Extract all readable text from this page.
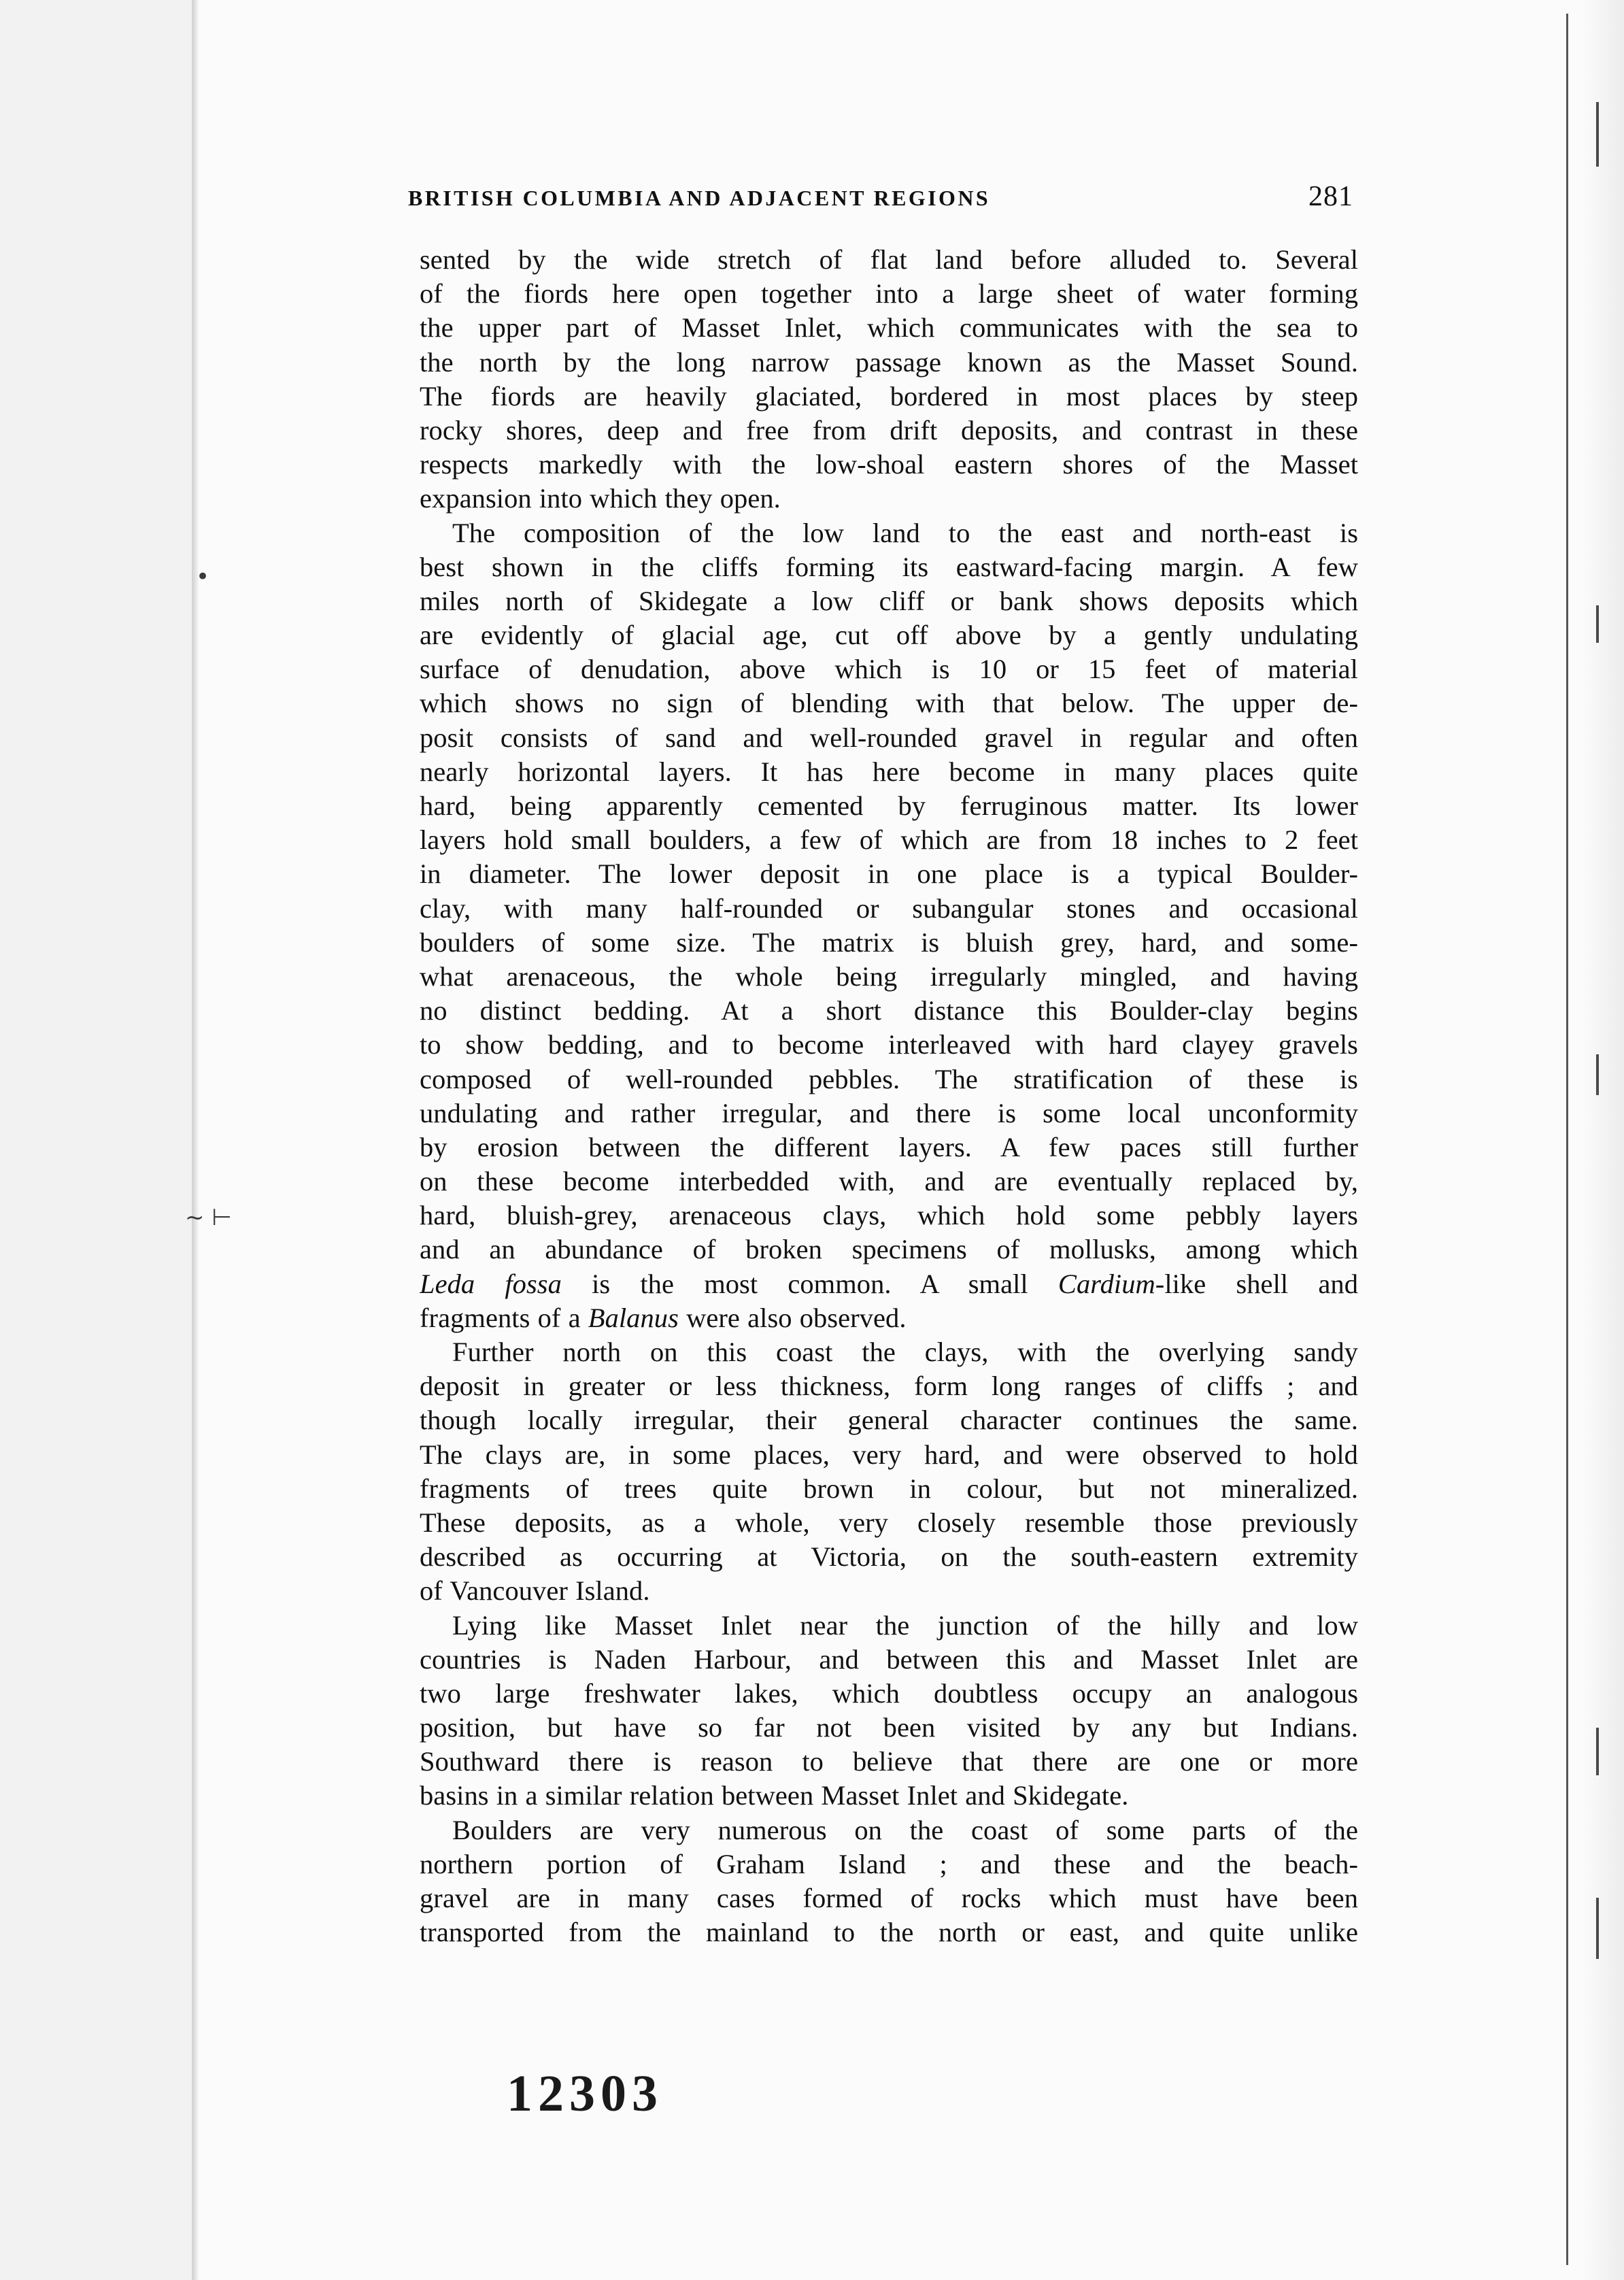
•
~ ⊢
BRITISH COLUMBIA AND ADJACENT REGIONS	281
sented by the wide stretch of flat land before alluded to. Several
of the fiords here open together into a large sheet of water forming
the upper part of Masset Inlet, which communicates with the sea to
the north by the long narrow passage known as the Masset Sound.
The fiords are heavily glaciated, bordered in most places by steep
rocky shores, deep and free from drift deposits, and contrast in these
respects markedly with the low-shoal eastern shores of the Masset
expansion into which they open.
The composition of the low land to the east and north-east is
best shown in the cliffs forming its eastward-facing margin. A few
miles north of Skidegate a low cliff or bank shows deposits which
are evidently of glacial age, cut off above by a gently undulating
surface of denudation, above which is 10 or 15 feet of material
which shows no sign of blending with that below. The upper de-
posit consists of sand and well-rounded gravel in regular and often
nearly horizontal layers. It has here become in many places quite
hard, being apparently cemented by ferruginous matter. Its lower
layers hold small boulders, a few of which are from 18 inches to 2 feet
in diameter. The lower deposit in one place is a typical Boulder-
clay, with many half-rounded or subangular stones and occasional
boulders of some size. The matrix is bluish grey, hard, and some-
what arenaceous, the whole being irregularly mingled, and having
no distinct bedding. At a short distance this Boulder-clay begins
to show bedding, and to become interleaved with hard clayey gravels
composed of well-rounded pebbles. The stratification of these is
undulating and rather irregular, and there is some local unconformity
by erosion between the different layers. A few paces still further
on these become interbedded with, and are eventually replaced by,
hard, bluish-grey, arenaceous clays, which hold some pebbly layers
and an abundance of broken specimens of mollusks, among which
Leda fossa is the most common. A small Cardium-like shell and
fragments of a Balanus were also observed.
Further north on this coast the clays, with the overlying sandy
deposit in greater or less thickness, form long ranges of cliffs ; and
though locally irregular, their general character continues the same.
The clays are, in some places, very hard, and were observed to hold
fragments of trees quite brown in colour, but not mineralized.
These deposits, as a whole, very closely resemble those previously
described as occurring at Victoria, on the south-eastern extremity
of Vancouver Island.
Lying like Masset Inlet near the junction of the hilly and low
countries is Naden Harbour, and between this and Masset Inlet are
two large freshwater lakes, which doubtless occupy an analogous
position, but have so far not been visited by any but Indians.
Southward there is reason to believe that there are one or more
basins in a similar relation between Masset Inlet and Skidegate.
Boulders are very numerous on the coast of some parts of the
northern portion of Graham Island ; and these and the beach-
gravel are in many cases formed of rocks which must have been
transported from the mainland to the north or east, and quite unlike
12303
